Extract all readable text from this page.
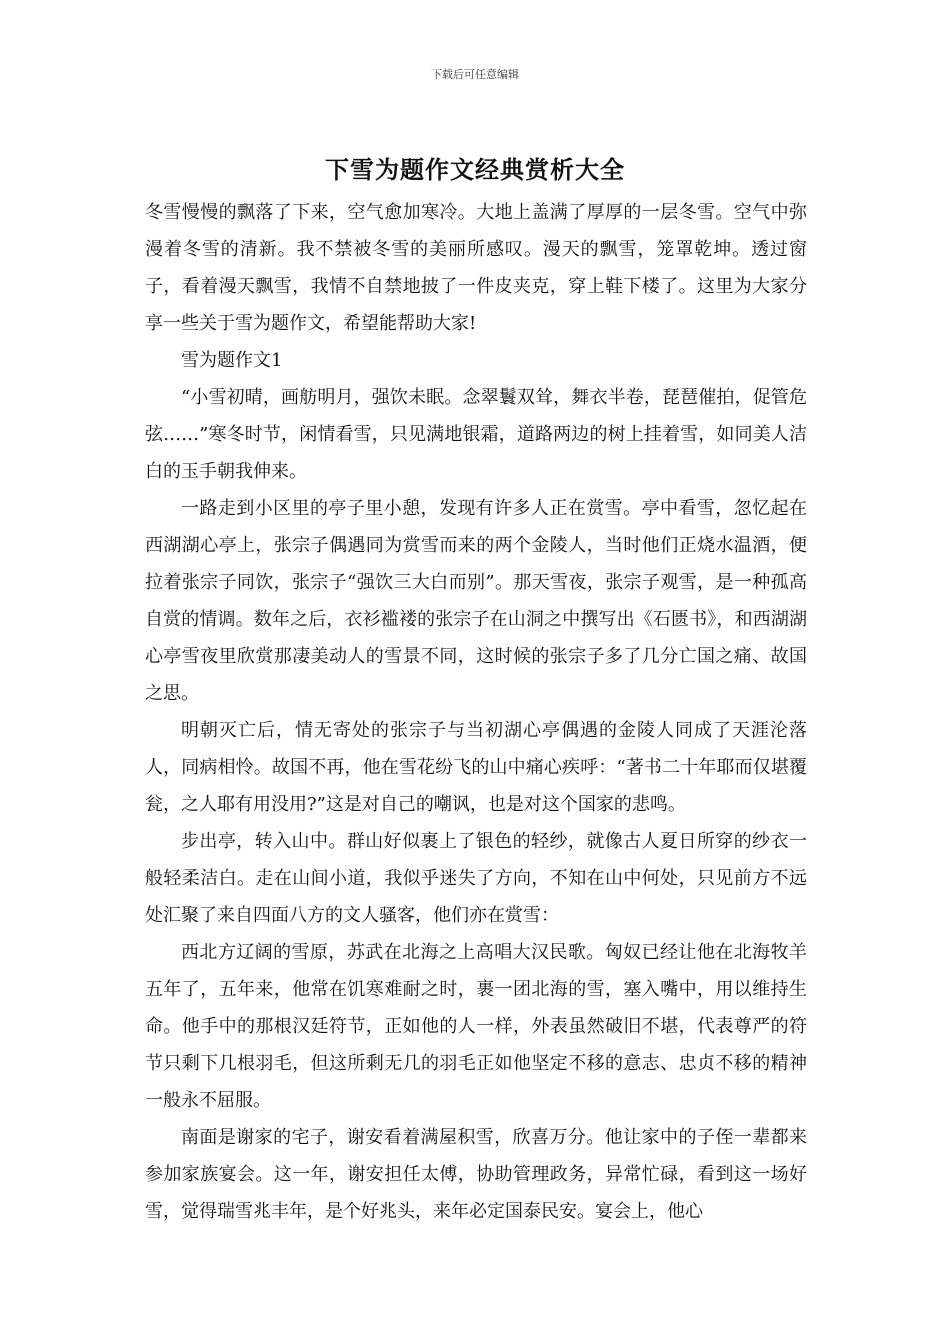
下载后可任意编辑
下雪为题作文经典赏析大全

冬雪慢慢的飘落了下来，空气愈加寒冷。大地上盖满了厚厚的一层冬雪。空气中弥漫着冬雪的清新。我不禁被冬雪的美丽所感叹。漫天的飘雪，笼罩乾坤。透过窗子，看着漫天飘雪，我情不自禁地披了一件皮夹克，穿上鞋下楼了。这里为大家分享一些关于雪为题作文，希望能帮助大家!

雪为题作文1

“小雪初晴，画舫明月，强饮未眠。念翠鬟双耸，舞衣半卷，琵琶催拍，促管危弦……”寒冬时节，闲情看雪，只见满地银霜，道路两边的树上挂着雪，如同美人洁白的玉手朝我伸来。

一路走到小区里的亭子里小憩，发现有许多人正在赏雪。亭中看雪，忽忆起在西湖湖心亭上，张宗子偶遇同为赏雪而来的两个金陵人，当时他们正烧水温酒，便拉着张宗子同饮，张宗子“强饮三大白而别”。那天雪夜，张宗子观雪，是一种孤高自赏的情调。数年之后，衣衫褴褛的张宗子在山洞之中撰写出《石匮书》，和西湖湖心亭雪夜里欣赏那凄美动人的雪景不同，这时候的张宗子多了几分亡国之痛、故国之思。

明朝灭亡后，情无寄处的张宗子与当初湖心亭偶遇的金陵人同成了天涯沦落人，同病相怜。故国不再，他在雪花纷飞的山中痛心疾呼：“著书二十年耶而仅堪覆瓮，之人耶有用没用?”这是对自己的嘲讽，也是对这个国家的悲鸣。

步出亭，转入山中。群山好似裹上了银色的轻纱，就像古人夏日所穿的纱衣一般轻柔洁白。走在山间小道，我似乎迷失了方向，不知在山中何处，只见前方不远处汇聚了来自四面八方的文人骚客，他们亦在赏雪：

西北方辽阔的雪原，苏武在北海之上高唱大汉民歌。匈奴已经让他在北海牧羊五年了，五年来，他常在饥寒难耐之时，裹一团北海的雪，塞入嘴中，用以维持生命。他手中的那根汉廷符节，正如他的人一样，外表虽然破旧不堪，代表尊严的符节只剩下几根羽毛，但这所剩无几的羽毛正如他坚定不移的意志、忠贞不移的精神一般永不屈服。

南面是谢家的宅子，谢安看着满屋积雪，欣喜万分。他让家中的子侄一辈都来参加家族宴会。这一年，谢安担任太傅，协助管理政务，异常忙碌，看到这一场好雪，觉得瑞雪兆丰年，是个好兆头，来年必定国泰民安。宴会上，他心
